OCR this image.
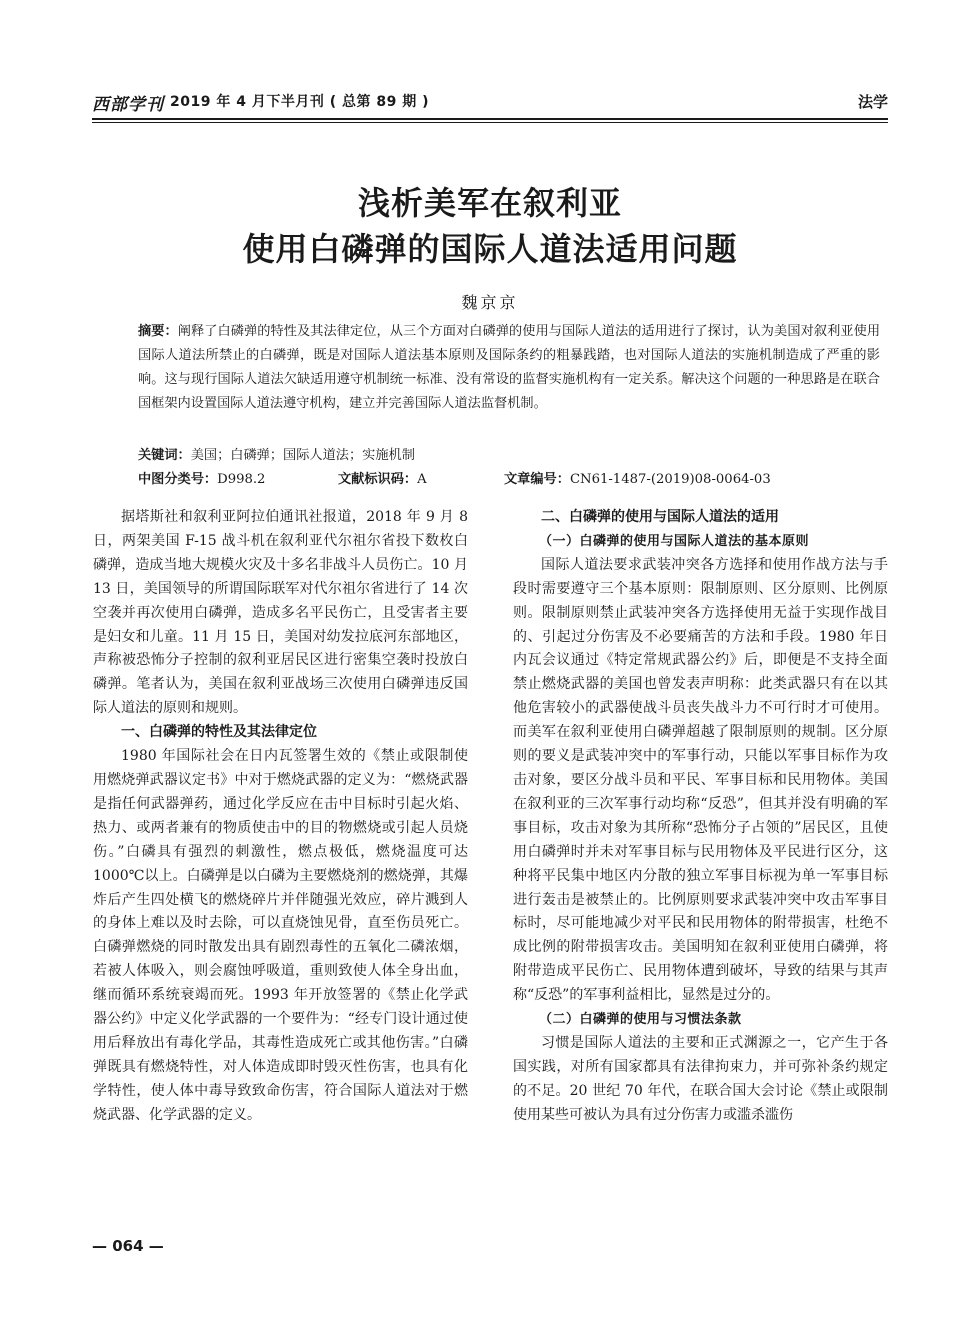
西部学刊 2019 年 4 月下半月刊 ( 总第 89 期 )	法学
浅析美军在叙利亚
使用白磷弹的国际人道法适用问题
魏京京
摘要：阐释了白磷弹的特性及其法律定位，从三个方面对白磷弹的使用与国际人道法的适用进行了探讨，认为美国对叙利亚使用国际人道法所禁止的白磷弹，既是对国际人道法基本原则及国际条约的粗暴践踏，也对国际人道法的实施机制造成了严重的影响。这与现行国际人道法欠缺适用遵守机制统一标准、没有常设的监督实施机构有一定关系。解决这个问题的一种思路是在联合国框架内设置国际人道法遵守机构，建立并完善国际人道法监督机制。
关键词：美国；白磷弹；国际人道法；实施机制
中图分类号：D998.2	文献标识码：A	文章编号：CN61-1487-(2019)08-0064-03

据塔斯社和叙利亚阿拉伯通讯社报道，2018 年 9 月 8 日，两架美国 F-15 战斗机在叙利亚代尔祖尔省投下数枚白磷弹，造成当地大规模火灾及十多名非战斗人员伤亡。10 月 13 日，美国领导的所谓国际联军对代尔祖尔省进行了 14 次空袭并再次使用白磷弹，造成多名平民伤亡，且受害者主要是妇女和儿童。11 月 15 日，美国对幼发拉底河东部地区，声称被恐怖分子控制的叙利亚居民区进行密集空袭时投放白磷弹。笔者认为，美国在叙利亚战场三次使用白磷弹违反国际人道法的原则和规则。

一、白磷弹的特性及其法律定位

1980 年国际社会在日内瓦签署生效的《禁止或限制使用燃烧弹武器议定书》中对于燃烧武器的定义为：“燃烧武器是指任何武器弹药，通过化学反应在击中目标时引起火焰、热力、或两者兼有的物质使击中的目的物燃烧或引起人员烧伤。”白磷具有强烈的刺激性，燃点极低，燃烧温度可达 1000℃以上。白磷弹是以白磷为主要燃烧剂的燃烧弹，其爆炸后产生四处横飞的燃烧碎片并伴随强光效应，碎片溅到人的身体上难以及时去除，可以直烧蚀见骨，直至伤员死亡。白磷弹燃烧的同时散发出具有剧烈毒性的五氧化二磷浓烟，若被人体吸入，则会腐蚀呼吸道，重则致使人体全身出血，继而循环系统衰竭而死。1993 年开放签署的《禁止化学武器公约》中定义化学武器的一个要件为：“经专门设计通过使用后释放出有毒化学品，其毒性造成死亡或其他伤害。”白磷弹既具有燃烧特性，对人体造成即时毁灭性伤害，也具有化学特性，使人体中毒导致致命伤害，符合国际人道法对于燃烧武器、化学武器的定义。

二、白磷弹的使用与国际人道法的适用
（一）白磷弹的使用与国际人道法的基本原则

国际人道法要求武装冲突各方选择和使用作战方法与手段时需要遵守三个基本原则：限制原则、区分原则、比例原则。限制原则禁止武装冲突各方选择使用无益于实现作战目的、引起过分伤害及不必要痛苦的方法和手段。1980 年日内瓦会议通过《特定常规武器公约》后，即便是不支持全面禁止燃烧武器的美国也曾发表声明称：此类武器只有在以其他危害较小的武器使战斗员丧失战斗力不可行时才可使用。而美军在叙利亚使用白磷弹超越了限制原则的规制。区分原则的要义是武装冲突中的军事行动，只能以军事目标作为攻击对象，要区分战斗员和平民、军事目标和民用物体。美国在叙利亚的三次军事行动均称“反恐”，但其并没有明确的军事目标，攻击对象为其所称“恐怖分子占领的”居民区，且使用白磷弹时并未对军事目标与民用物体及平民进行区分，这种将平民集中地区内分散的独立军事目标视为单一军事目标进行轰击是被禁止的。比例原则要求武装冲突中攻击军事目标时，尽可能地减少对平民和民用物体的附带损害，杜绝不成比例的附带损害攻击。美国明知在叙利亚使用白磷弹，将附带造成平民伤亡、民用物体遭到破坏，导致的结果与其声称“反恐”的军事利益相比，显然是过分的。

（二）白磷弹的使用与习惯法条款

习惯是国际人道法的主要和正式渊源之一，它产生于各国实践，对所有国家都具有法律拘束力，并可弥补条约规定的不足。20 世纪 70 年代，在联合国大会讨论《禁止或限制使用某些可被认为具有过分伤害力或滥杀滥伤

— 064 —
